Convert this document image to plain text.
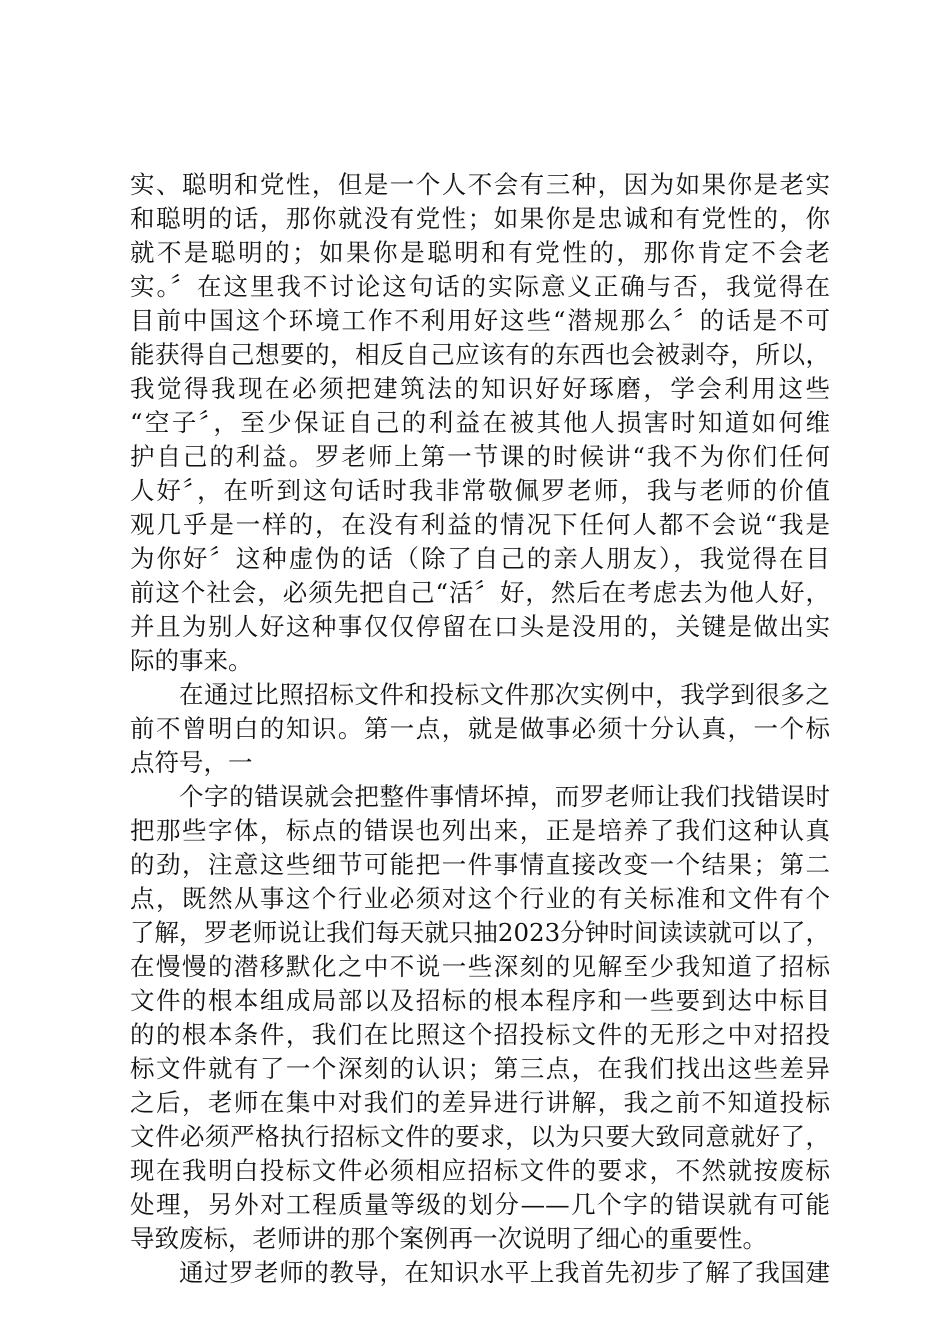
实、聪明和党性，但是一个人不会有三种，因为如果你是老实
和聪明的话，那你就没有党性；如果你是忠诚和有党性的，你
就不是聪明的；如果你是聪明和有党性的，那你肯定不会老
实。〞在这里我不讨论这句话的实际意义正确与否，我觉得在
目前中国这个环境工作不利用好这些“潜规那么〞的话是不可
能获得自己想要的，相反自己应该有的东西也会被剥夺，所以，
我觉得我现在必须把建筑法的知识好好琢磨，学会利用这些
“空子〞，至少保证自己的利益在被其他人损害时知道如何维
护自己的利益。罗老师上第一节课的时候讲“我不为你们任何
人好〞，在听到这句话时我非常敬佩罗老师，我与老师的价值
观几乎是一样的，在没有利益的情况下任何人都不会说“我是
为你好〞这种虚伪的话（除了自己的亲人朋友），我觉得在目
前这个社会，必须先把自己“活〞好，然后在考虑去为他人好，
并且为别人好这种事仅仅停留在口头是没用的，关键是做出实
际的事来。
在通过比照招标文件和投标文件那次实例中，我学到很多之
前不曾明白的知识。第一点，就是做事必须十分认真，一个标
点符号，一
个字的错误就会把整件事情坏掉，而罗老师让我们找错误时
把那些字体，标点的错误也列出来，正是培养了我们这种认真
的劲，注意这些细节可能把一件事情直接改变一个结果；第二
点，既然从事这个行业必须对这个行业的有关标准和文件有个
了解，罗老师说让我们每天就只抽2023分钟时间读读就可以了，
在慢慢的潜移默化之中不说一些深刻的见解至少我知道了招标
文件的根本组成局部以及招标的根本程序和一些要到达中标目
的的根本条件，我们在比照这个招投标文件的无形之中对招投
标文件就有了一个深刻的认识；第三点，在我们找出这些差异
之后，老师在集中对我们的差异进行讲解，我之前不知道投标
文件必须严格执行招标文件的要求，以为只要大致同意就好了，
现在我明白投标文件必须相应招标文件的要求，不然就按废标
处理，另外对工程质量等级的划分——几个字的错误就有可能
导致废标，老师讲的那个案例再一次说明了细心的重要性。
通过罗老师的教导，在知识水平上我首先初步了解了我国建
